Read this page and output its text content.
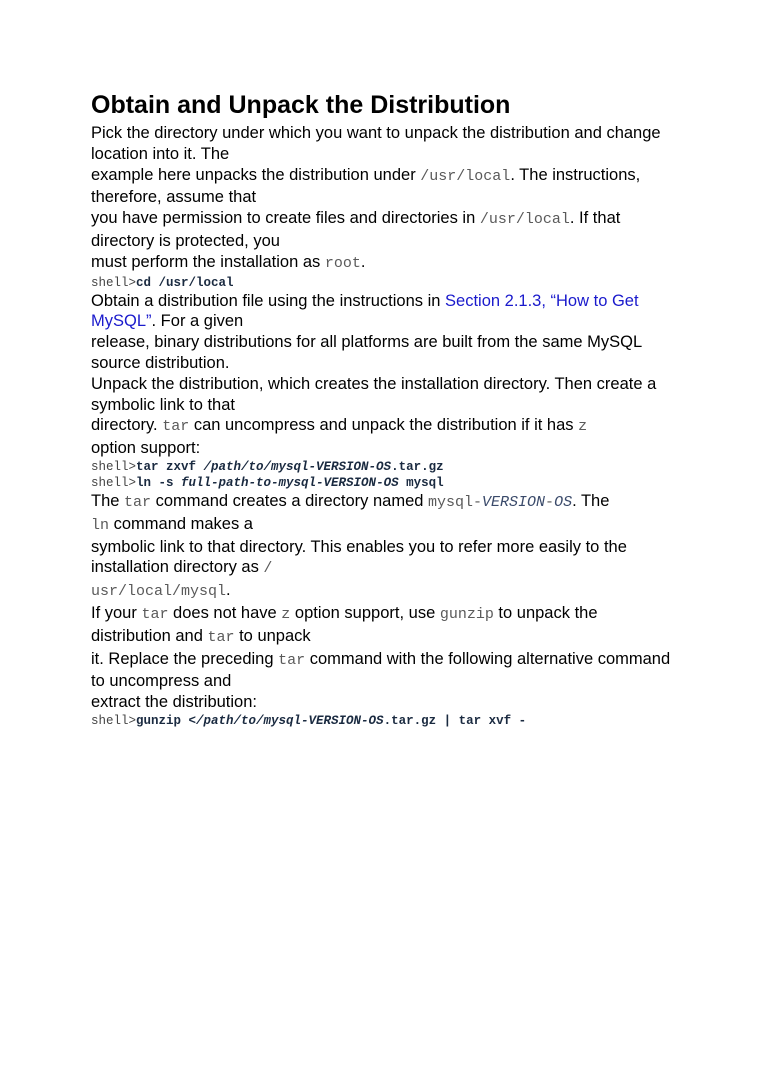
Obtain and Unpack the Distribution

Pick the directory under which you want to unpack the distribution and change location into it. The
example here unpacks the distribution under /usr/local. The instructions, therefore, assume that
you have permission to create files and directories in /usr/local. If that directory is protected, you
must perform the installation as root.

shell>cd /usr/local

Obtain a distribution file using the instructions in Section 2.1.3, “How to Get MySQL”. For a given
release, binary distributions for all platforms are built from the same MySQL source distribution.

Unpack the distribution, which creates the installation directory. Then create a symbolic link to that
directory. tar can uncompress and unpack the distribution if it has z
option support:

shell>tar zxvf /path/to/mysql-VERSION-OS.tar.gz
shell>ln -s full-path-to-mysql-VERSION-OS mysql

The tar command creates a directory named mysql-VERSION-OS. The
ln command makes a
symbolic link to that directory. This enables you to refer more easily to the installation directory as /
usr/local/mysql.

If your tar does not have z option support, use gunzip to unpack the distribution and tar to unpack
it. Replace the preceding tar command with the following alternative command to uncompress and
extract the distribution:

shell>gunzip </path/to/mysql-VERSION-OS.tar.gz | tar xvf -
